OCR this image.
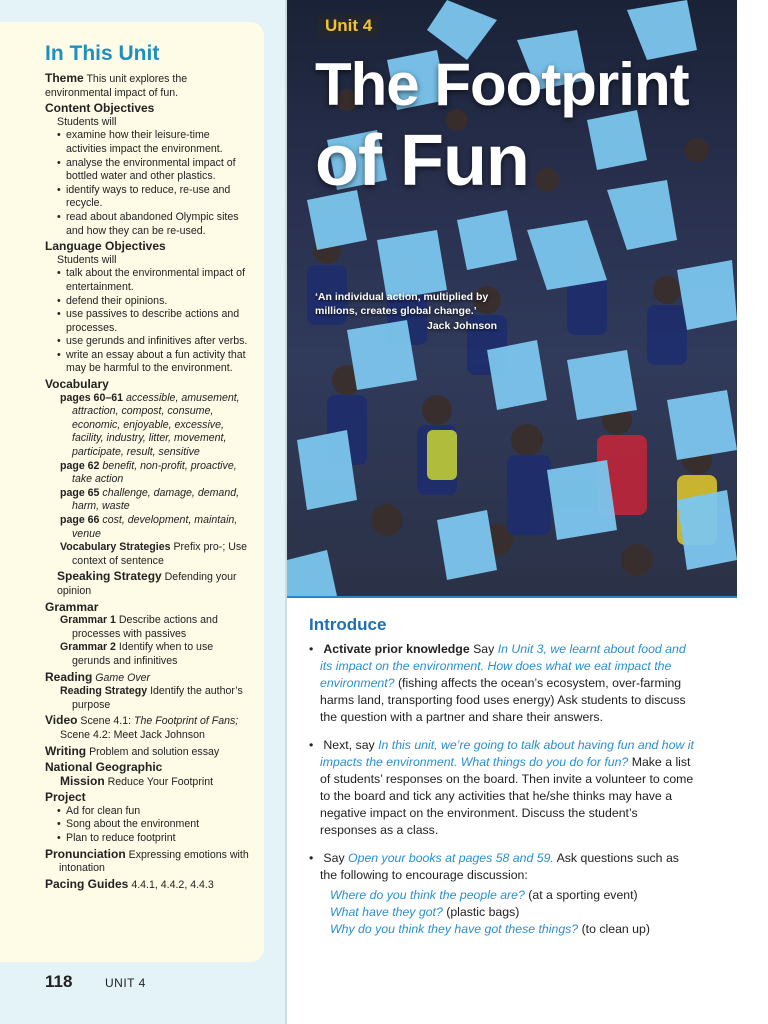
In This Unit
Theme This unit explores the environmental impact of fun.
Content Objectives
Students will
• examine how their leisure-time activities impact the environment.
• analyse the environmental impact of bottled water and other plastics.
• identify ways to reduce, re-use and recycle.
• read about abandoned Olympic sites and how they can be re-used.
Language Objectives
Students will
• talk about the environmental impact of entertainment.
• defend their opinions.
• use passives to describe actions and processes.
• use gerunds and infinitives after verbs.
• write an essay about a fun activity that may be harmful to the environment.
Vocabulary
pages 60–61 accessible, amusement, attraction, compost, consume, economic, enjoyable, excessive, facility, industry, litter, movement, participate, result, sensitive
page 62 benefit, non-profit, proactive, take action
page 65 challenge, damage, demand, harm, waste
page 66 cost, development, maintain, venue
Vocabulary Strategies Prefix pro-; Use context of sentence
Speaking Strategy Defending your opinion
Grammar
Grammar 1 Describe actions and processes with passives
Grammar 2 Identify when to use gerunds and infinitives
Reading Game Over
Reading Strategy Identify the author’s purpose
Video Scene 4.1: The Footprint of Fans;
Scene 4.2: Meet Jack Johnson
Writing Problem and solution essay
National Geographic
Mission Reduce Your Footprint
Project
• Ad for clean fun
• Song about the environment
• Plan to reduce footprint
Pronunciation Expressing emotions with intonation
Pacing Guides 4.4.1, 4.4.2, 4.4.3
118	UNIT 4
Unit 4
The Footprint
of Fun
‘An individual action, multiplied by millions, creates global change.’
Jack Johnson
Introduce
• Activate prior knowledge Say In Unit 3, we learnt about food and its impact on the environment. How does what we eat impact the environment? (fishing affects the ocean’s ecosystem, over-farming harms land, transporting food uses energy) Ask students to discuss the question with a partner and share their answers.
• Next, say In this unit, we’re going to talk about having fun and how it impacts the environment. What things do you do for fun? Make a list of students’ responses on the board. Then invite a volunteer to come to the board and tick any activities that he/she thinks may have a negative impact on the environment. Discuss the student’s responses as a class.
• Say Open your books at pages 58 and 59. Ask questions such as the following to encourage discussion:
Where do you think the people are? (at a sporting event)
What have they got? (plastic bags)
Why do you think they have got these things? (to clean up)
